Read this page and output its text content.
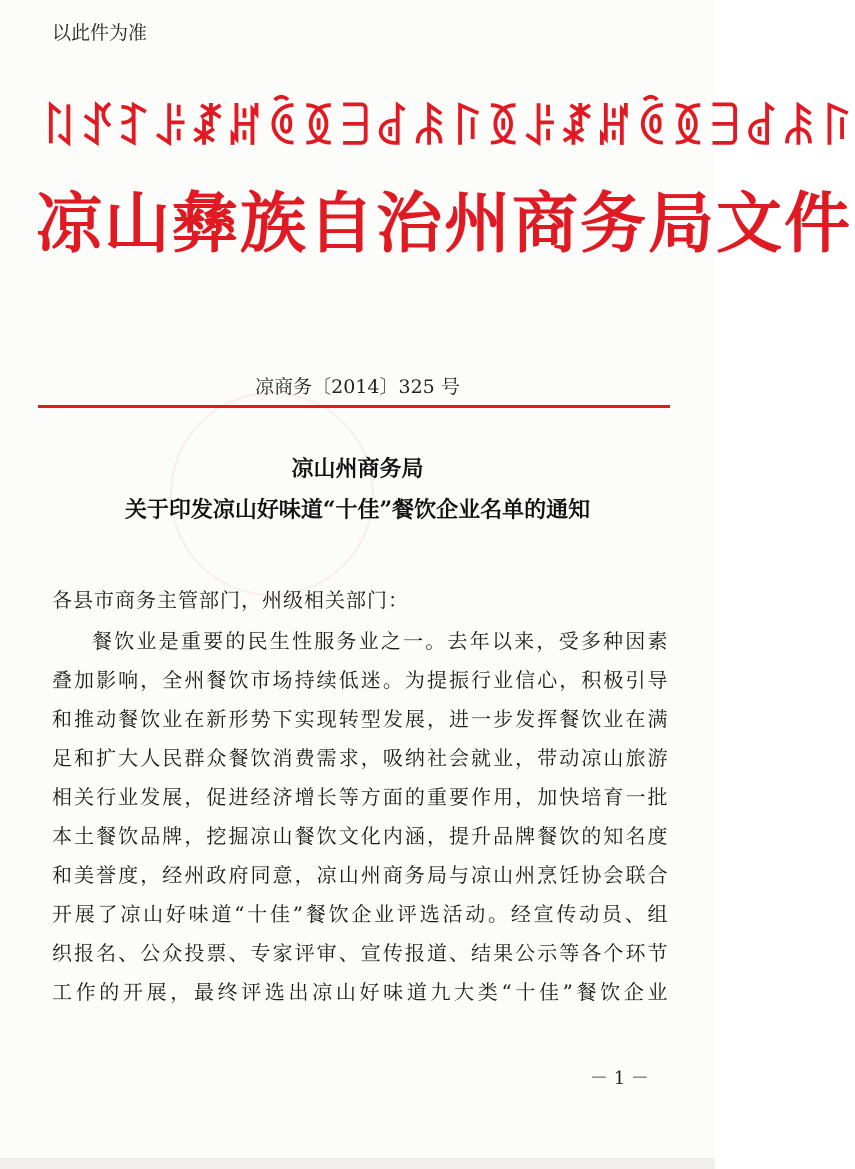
以此件为准
ꇁꀋꆈꌠꊨꏦꏱꅉꎆꂽꄯꑍꅉꌠꊨꏦꏱꅉꎆꂽꄯꑍ
凉山彝族自治州商务局文件
凉商务〔2014〕325 号
凉山州商务局
关于印发凉山好味道“十佳”餐饮企业名单的通知
各县市商务主管部门，州级相关部门：
餐饮业是重要的民生性服务业之一。去年以来，受多种因素
叠加影响，全州餐饮市场持续低迷。为提振行业信心，积极引导
和推动餐饮业在新形势下实现转型发展，进一步发挥餐饮业在满
足和扩大人民群众餐饮消费需求，吸纳社会就业，带动凉山旅游
相关行业发展，促进经济增长等方面的重要作用，加快培育一批
本土餐饮品牌，挖掘凉山餐饮文化内涵，提升品牌餐饮的知名度
和美誉度，经州政府同意，凉山州商务局与凉山州烹饪协会联合
开展了凉山好味道“十佳”餐饮企业评选活动。经宣传动员、组
织报名、公众投票、专家评审、宣传报道、结果公示等各个环节
工作的开展，最终评选出凉山好味道九大类“十佳”餐饮企业
－ 1 －
